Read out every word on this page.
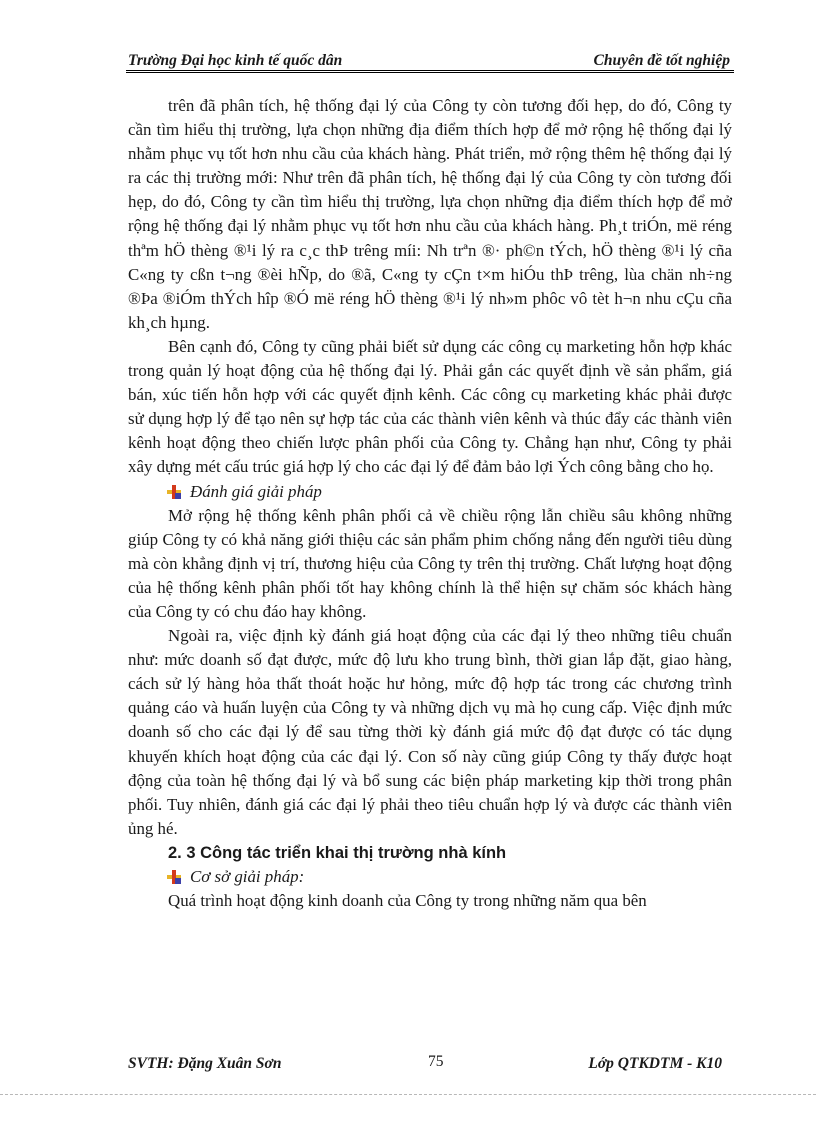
Trường Đại học kinh tế quốc dân	Chuyên đề tốt nghiệp

trên đã phân tích, hệ thống đại lý của Công ty còn tương đối hẹp, do đó, Công ty cần tìm hiểu thị trường, lựa chọn những địa điểm thích hợp để mở rộng hệ thống đại lý nhằm phục vụ tốt hơn nhu cầu của khách hàng. Phát triển, mở rộng thêm hệ thống đại lý ra các thị trường mới: Như trên đã phân tích, hệ thống đại lý của Công ty còn tương đối hẹp, do đó, Công ty cần tìm hiểu thị trường, lựa chọn những địa điểm thích hợp để mở rộng hệ thống đại lý nhằm phục vụ tốt hơn nhu cầu của khách hàng. Ph¸t triÓn, më réng thªm hÖ thèng ®¹i lý ra c¸c thÞ trêng míi: Nh trªn ®· ph©n tÝch, hÖ thèng ®¹i lý cña C«ng ty cßn t¬ng ®èi hÑp, do ®ã, C«ng ty cÇn t×m hiÓu thÞ trêng, lùa chän nh÷ng ®Þa ®iÓm thÝch hîp ®Ó më réng hÖ thèng ®¹i lý nh»m phôc vô tèt h¬n nhu cÇu cña kh¸ch hµng.

Bên cạnh đó, Công ty cũng phải biết sử dụng các công cụ marketing hỗn hợp khác trong quản lý hoạt động của hệ thống đại lý. Phải gắn các quyết định về sản phẩm, giá bán, xúc tiến hỗn hợp với các quyết định kênh. Các công cụ marketing khác phải được sử dụng hợp lý để tạo nên sự hợp tác của các thành viên kênh và thúc đẩy các thành viên kênh hoạt động theo chiến lược phân phối của Công ty. Chẳng hạn như, Công ty phải xây dựng mét cấu trúc giá hợp lý cho các đại lý để đảm bảo lợi Ých công bằng cho họ.

Đánh giá giải pháp

Mở rộng hệ thống kênh phân phối cả về chiều rộng lẫn chiều sâu không những giúp Công ty có khả năng giới thiệu các sản phẩm phim chống nắng đến người tiêu dùng mà còn khẳng định vị trí, thương hiệu của Công ty trên thị trường. Chất lượng hoạt động của hệ thống kênh phân phối tốt hay không chính là thể hiện sự chăm sóc khách hàng của Công ty có chu đáo hay không.

Ngoài ra, việc định kỳ đánh giá hoạt động của các đại lý theo những tiêu chuẩn như: mức doanh số đạt được, mức độ lưu kho trung bình, thời gian lắp đặt, giao hàng, cách sử lý hàng hỏa thất thoát hoặc hư hỏng, mức độ hợp tác trong các chương trình quảng cáo và huấn luyện của Công ty và những dịch vụ mà họ cung cấp. Việc định mức doanh số cho các đại lý để sau từng thời kỳ đánh giá mức độ đạt được có tác dụng khuyến khích hoạt động của các đại lý. Con số này cũng giúp Công ty thấy được hoạt động của toàn hệ thống đại lý và bổ sung các biện pháp marketing kịp thời trong phân phối. Tuy nhiên, đánh giá các đại lý phải theo tiêu chuẩn hợp lý và được các thành viên ủng hé.

2. 3 Công tác triển khai thị trường nhà kính
Cơ sở giải pháp:

Quá trình hoạt động kinh doanh của Công ty trong những năm qua bên

SVTH: Đặng Xuân Sơn	75	Lớp QTKDTM - K10
